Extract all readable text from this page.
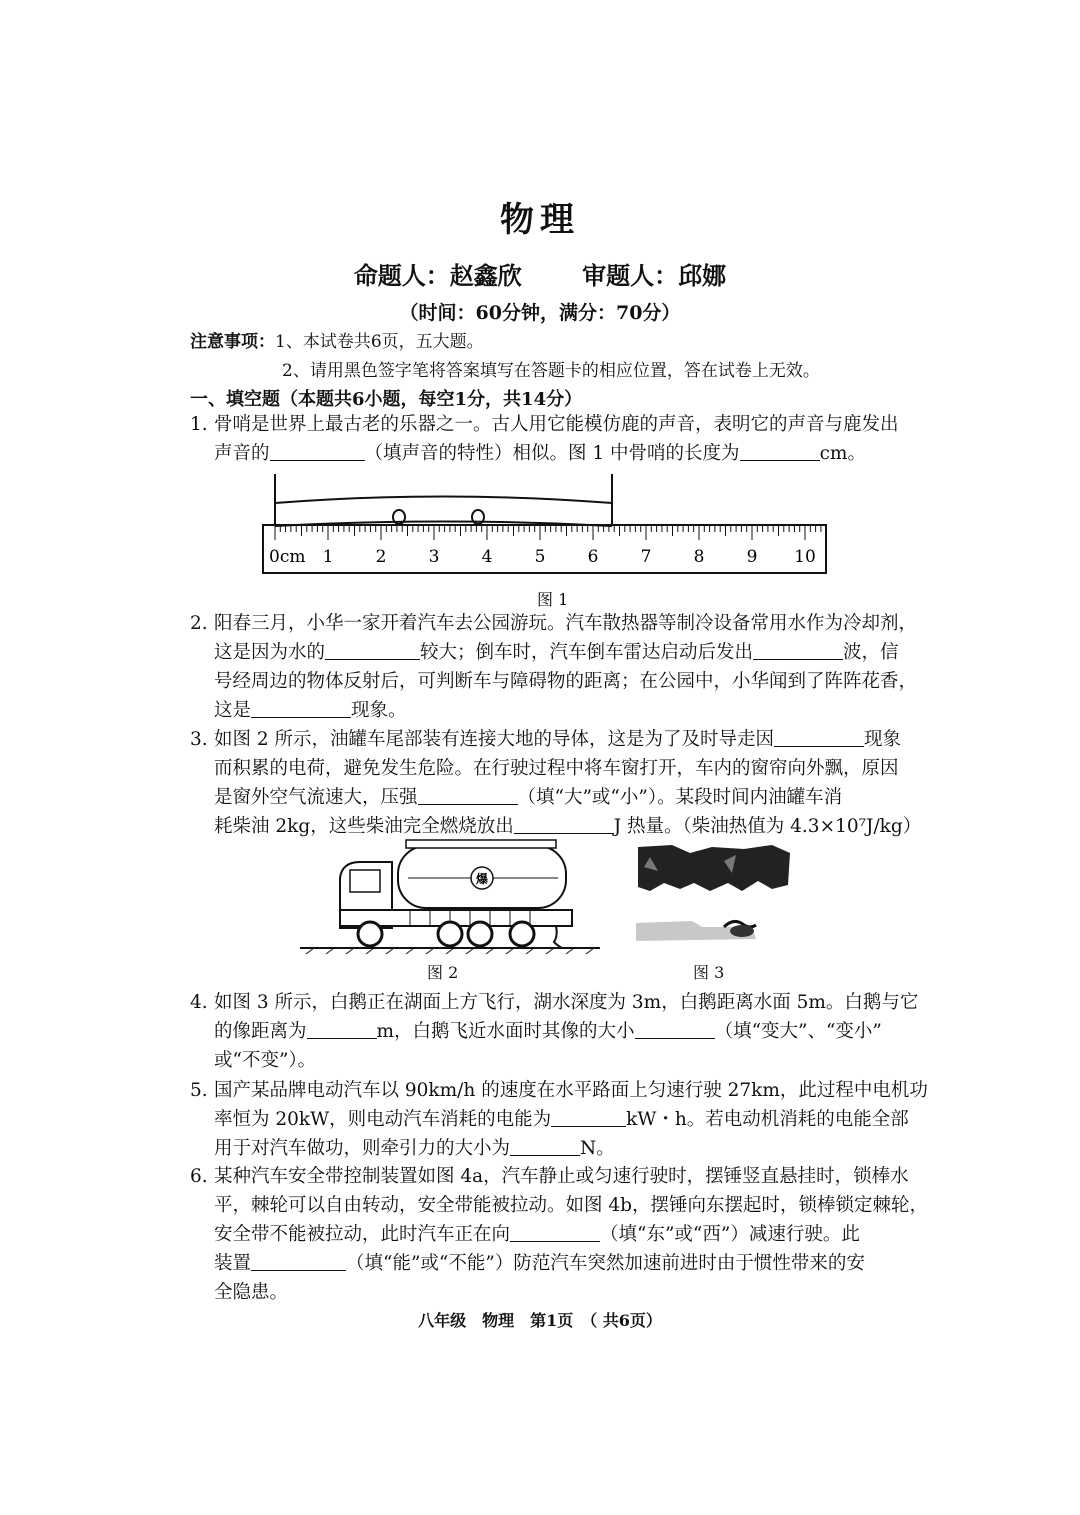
物理
命题人：赵鑫欣	审题人：邱娜
（时间：60分钟，满分：70分）
注意事项：1、本试卷共6页，五大题。
2、请用黑色签字笔将答案填写在答题卡的相应位置，答在试卷上无效。
一、填空题（本题共6小题，每空1分，共14分）
1. 骨哨是世界上最古老的乐器之一。古人用它能模仿鹿的声音，表明它的声音与鹿发出
声音的	（填声音的特性）相似。图 1 中骨哨的长度为	cm。
0cm 1 2 3 4 5 6 7 8 9 10
图 1
2. 阳春三月，小华一家开着汽车去公园游玩。汽车散热器等制冷设备常用水作为冷却剂，
这是因为水的	较大；倒车时，汽车倒车雷达启动后发出	波，信
号经周边的物体反射后，可判断车与障碍物的距离；在公园中，小华闻到了阵阵花香，
这是	现象。
3. 如图 2 所示，油罐车尾部装有连接大地的导体，这是为了及时导走因	现象
而积累的电荷，避免发生危险。在行驶过程中将车窗打开，车内的窗帘向外飘，原因
是窗外空气流速大，压强	（填“大”或“小”）。某段时间内油罐车消
耗柴油 2kg，这些柴油完全燃烧放出	J 热量。（柴油热值为 4.3×10⁷J/kg）
爆
图 2	图 3
4. 如图 3 所示，白鹅正在湖面上方飞行，湖水深度为 3m，白鹅距离水面 5m。白鹅与它
的像距离为	m，白鹅飞近水面时其像的大小	（填“变大”、“变小”
或“不变”）。
5. 国产某品牌电动汽车以 90km/h 的速度在水平路面上匀速行驶 27km，此过程中电机功
率恒为 20kW，则电动汽车消耗的电能为	kW・h。若电动机消耗的电能全部
用于对汽车做功，则牵引力的大小为	N。
6. 某种汽车安全带控制装置如图 4a，汽车静止或匀速行驶时，摆锤竖直悬挂时，锁棒水
平，棘轮可以自由转动，安全带能被拉动。如图 4b，摆锤向东摆起时，锁棒锁定棘轮，
安全带不能被拉动，此时汽车正在向	（填“东”或“西”）减速行驶。此
装置	（填“能”或“不能”）防范汽车突然加速前进时由于惯性带来的安
全隐患。
八年级　物理　第1页　（ 共6页）
